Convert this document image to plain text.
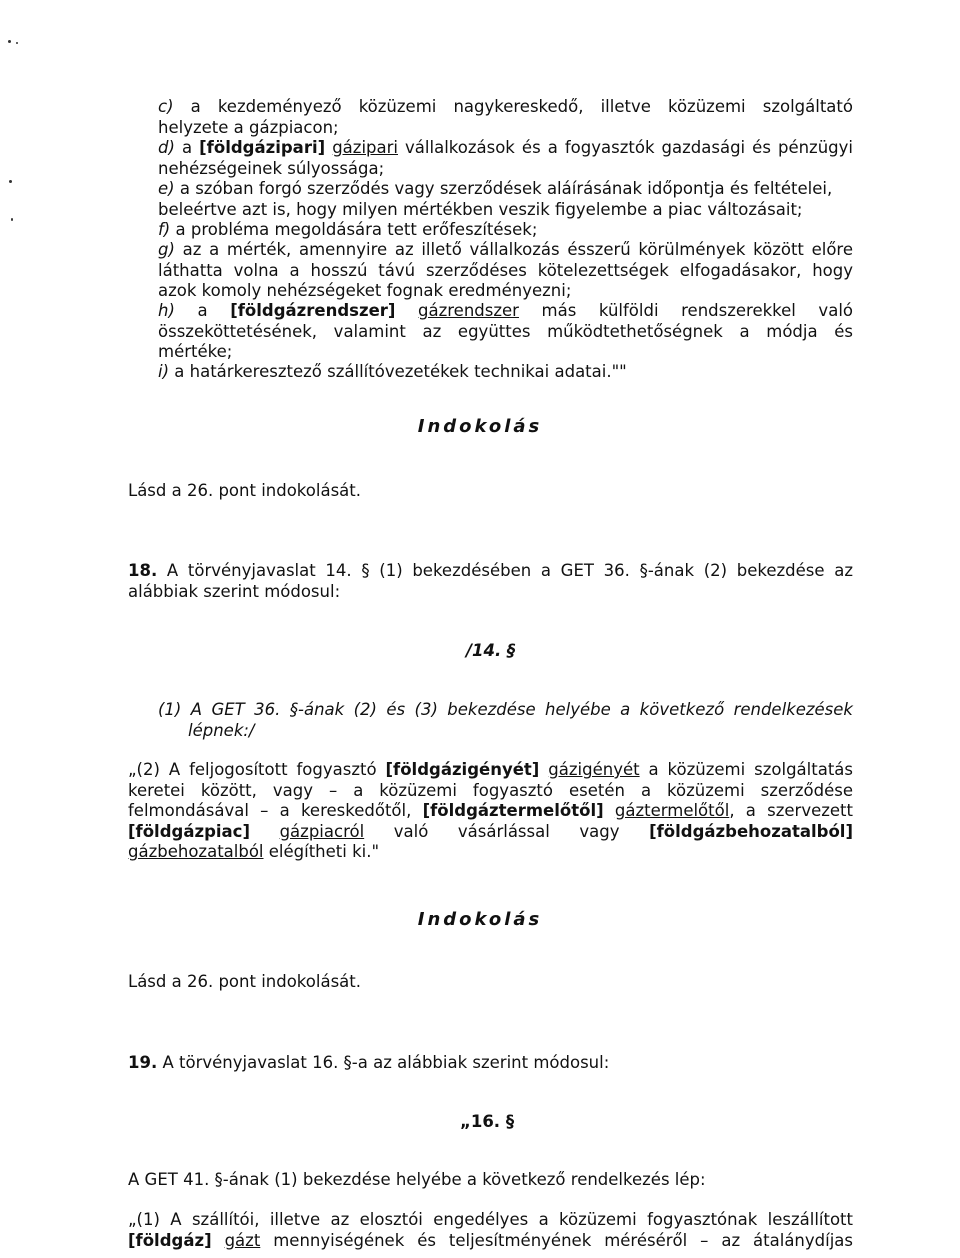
c) a kezdeményező közüzemi nagykereskedő, illetve közüzemi szolgáltató
helyzete a gázpiacon;
d) a [földgázipari] gázipari vállalkozások és a fogyasztók gazdasági és pénzügyi
nehézségeinek súlyossága;
e) a szóban forgó szerződés vagy szerződések aláírásának időpontja és feltételei,
beleértve azt is, hogy milyen mértékben veszik figyelembe a piac változásait;
f) a probléma megoldására tett erőfeszítések;
g) az a mérték, amennyire az illető vállalkozás ésszerű körülmények között előre
láthatta volna a hosszú távú szerződéses kötelezettségek elfogadásakor, hogy
azok komoly nehézségeket fognak eredményezni;
h) a [földgázrendszer] gázrendszer más külföldi rendszerekkel való
összeköttetésének, valamint az együttes működtethetőségnek a módja és
mértéke;
i) a határkeresztező szállítóvezetékek technikai adatai.""
Indokolás
Lásd a 26. pont indokolását.
18. A törvényjavaslat 14. § (1) bekezdésében a GET 36. §-ának (2) bekezdése az
alábbiak szerint módosul:
/14. §
(1) A GET 36. §-ának (2) és (3) bekezdése helyébe a következő rendelkezések
lépnek:/
„(2) A feljogosított fogyasztó [földgázigényét] gázigényét a közüzemi szolgáltatás
keretei között, vagy – a közüzemi fogyasztó esetén a közüzemi szerződése
felmondásával – a kereskedőtől, [földgáztermelőtől] gáztermelőtől, a szervezett
[földgázpiac] gázpiacról való vásárlással vagy [földgázbehozatalból]
gázbehozatalból elégítheti ki."
Indokolás
Lásd a 26. pont indokolását.
19. A törvényjavaslat 16. §-a az alábbiak szerint módosul:
„16. §
A GET 41. §-ának (1) bekezdése helyébe a következő rendelkezés lép:
„(1) A szállítói, illetve az elosztói engedélyes a közüzemi fogyasztónak leszállított
[földgáz] gázt mennyiségének és teljesítményének méréséről – az átalánydíjas
